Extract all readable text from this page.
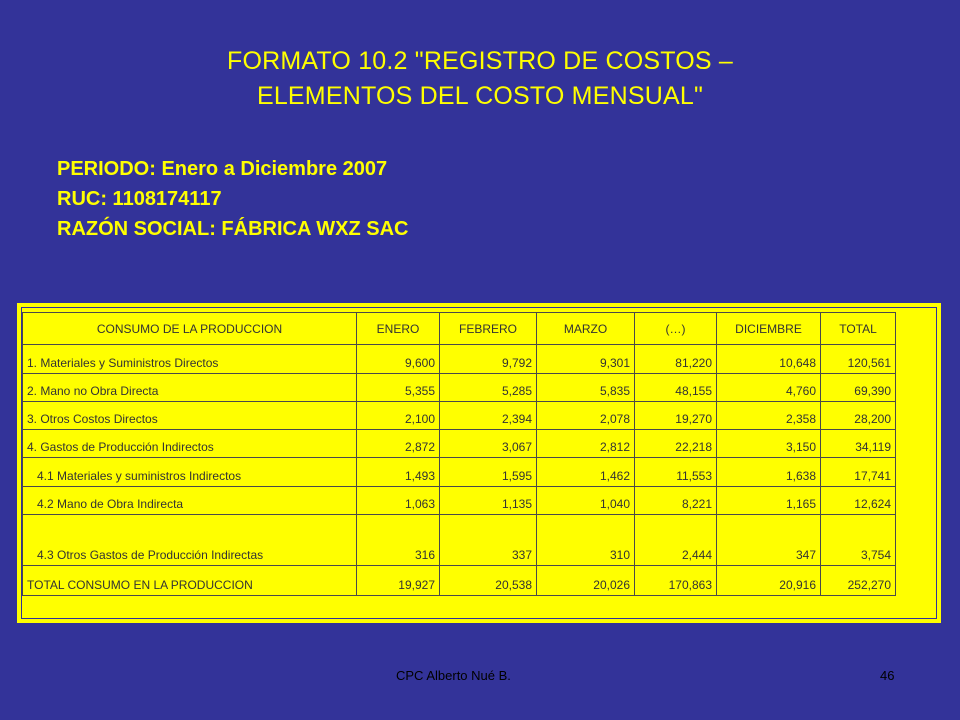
FORMATO 10.2 "REGISTRO DE COSTOS –
ELEMENTOS DEL COSTO MENSUAL"
PERIODO: Enero a Diciembre 2007
RUC: 1108174117
RAZÓN SOCIAL: FÁBRICA WXZ SAC
CONSUMO DE LA PRODUCCION	ENERO	FEBRERO	MARZO	(…)	DICIEMBRE	TOTAL
1. Materiales y Suministros Directos	9,600	9,792	9,301	81,220	10,648	120,561
2. Mano no Obra Directa	5,355	5,285	5,835	48,155	4,760	69,390
3. Otros Costos Directos	2,100	2,394	2,078	19,270	2,358	28,200
4. Gastos de Producción Indirectos	2,872	3,067	2,812	22,218	3,150	34,119
4.1 Materiales y suministros Indirectos	1,493	1,595	1,462	11,553	1,638	17,741
4.2 Mano de Obra Indirecta	1,063	1,135	1,040	8,221	1,165	12,624
4.3 Otros Gastos de Producción Indirectas	316	337	310	2,444	347	3,754
TOTAL CONSUMO EN LA PRODUCCION	19,927	20,538	20,026	170,863	20,916	252,270
CPC Alberto Nué B.	46
